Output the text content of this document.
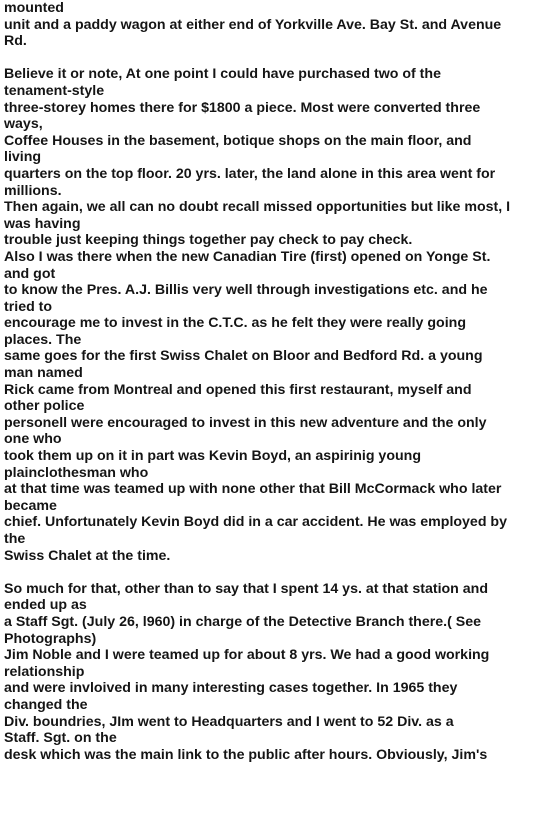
mounted
unit and a paddy wagon at either end of Yorkville Ave. Bay St. and Avenue
Rd.
Believe it or note, At one point I could have purchased two of the
tenament-style
three-storey homes there for $1800 a piece. Most were converted three
ways,
Coffee Houses in the basement, botique shops on the main floor, and
living
quarters on the top floor. 20 yrs. later, the land alone in this area went for
millions.
Then again, we all can no doubt recall missed opportunities but like most, I
was having
trouble just keeping things together pay check to pay check.
Also I was there when the new Canadian Tire (first) opened on Yonge St.
and got
to know the Pres. A.J. Billis very well through investigations etc. and he
tried to
encourage me to invest in the C.T.C. as he felt they were really going
places. The
same goes for the first Swiss Chalet on Bloor and Bedford Rd. a young
man named
Rick came from Montreal and opened this first restaurant, myself and
other police
personell were encouraged to invest in this new adventure and the only
one who
took them up on it in part was Kevin Boyd, an aspirinig young
plainclothesman who
at that time was teamed up with none other that Bill McCormack who later
became
chief. Unfortunately Kevin Boyd did in a car accident. He was employed by
the
Swiss Chalet at the time.
So much for that, other than to say that I spent 14 ys. at that station and
ended up as
a Staff Sgt. (July 26, l960) in charge of the Detective Branch there.( See
Photographs)
Jim Noble and I were teamed up for about 8 yrs. We had a good working
relationship
and were invloived in many interesting cases together. In 1965 they
changed the
Div. boundries, JIm went to Headquarters and I went to 52 Div. as a
Staff. Sgt. on the
desk which was the main link to the public after hours. Obviously, Jim's
